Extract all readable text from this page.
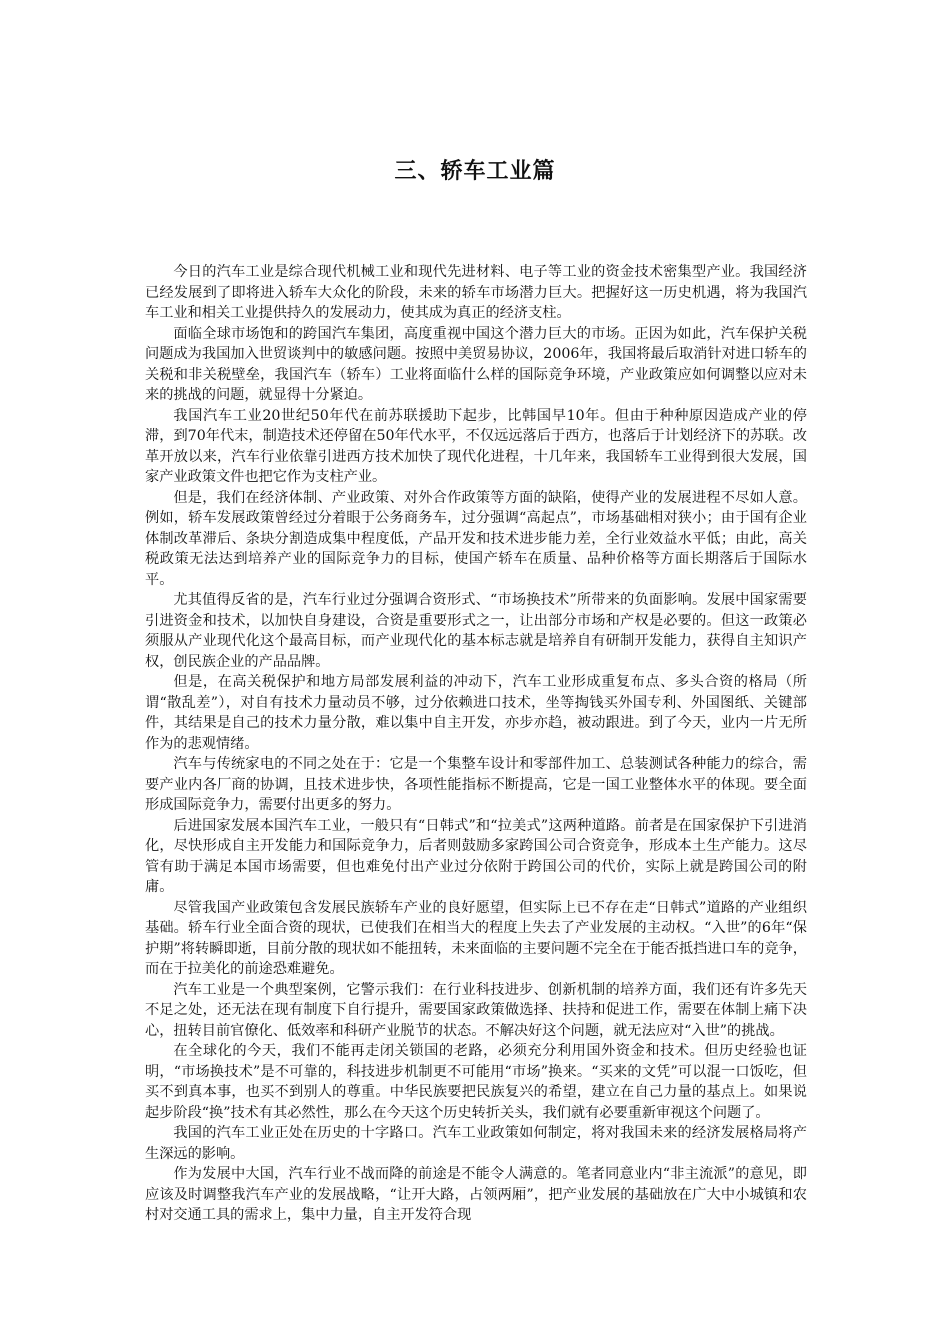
三、轿车工业篇

今日的汽车工业是综合现代机械工业和现代先进材料、电子等工业的资金技术密集型产业。我国经济已经发展到了即将进入轿车大众化的阶段，未来的轿车市场潜力巨大。把握好这一历史机遇，将为我国汽车工业和相关工业提供持久的发展动力，使其成为真正的经济支柱。

面临全球市场饱和的跨国汽车集团，高度重视中国这个潜力巨大的市场。正因为如此，汽车保护关税问题成为我国加入世贸谈判中的敏感问题。按照中美贸易协议，2006年，我国将最后取消针对进口轿车的关税和非关税壁垒，我国汽车（轿车）工业将面临什么样的国际竞争环境，产业政策应如何调整以应对未来的挑战的问题，就显得十分紧迫。

我国汽车工业20世纪50年代在前苏联援助下起步，比韩国早10年。但由于种种原因造成产业的停滞，到70年代末，制造技术还停留在50年代水平，不仅远远落后于西方，也落后于计划经济下的苏联。改革开放以来，汽车行业依靠引进西方技术加快了现代化进程，十几年来，我国轿车工业得到很大发展，国家产业政策文件也把它作为支柱产业。

但是，我们在经济体制、产业政策、对外合作政策等方面的缺陷，使得产业的发展进程不尽如人意。例如，轿车发展政策曾经过分着眼于公务商务车，过分强调“高起点”，市场基础相对狭小；由于国有企业体制改革滞后、条块分割造成集中程度低，产品开发和技术进步能力差，全行业效益水平低；由此，高关税政策无法达到培养产业的国际竞争力的目标，使国产轿车在质量、品种价格等方面长期落后于国际水平。

尤其值得反省的是，汽车行业过分强调合资形式、“市场换技术”所带来的负面影响。发展中国家需要引进资金和技术，以加快自身建设，合资是重要形式之一，让出部分市场和产权是必要的。但这一政策必须服从产业现代化这个最高目标，而产业现代化的基本标志就是培养自有研制开发能力，获得自主知识产权，创民族企业的产品品牌。

但是，在高关税保护和地方局部发展利益的冲动下，汽车工业形成重复布点、多头合资的格局（所谓“散乱差”），对自有技术力量动员不够，过分依赖进口技术，坐等掏钱买外国专利、外国图纸、关键部件，其结果是自己的技术力量分散，难以集中自主开发，亦步亦趋，被动跟进。到了今天，业内一片无所作为的悲观情绪。

汽车与传统家电的不同之处在于：它是一个集整车设计和零部件加工、总装测试各种能力的综合，需要产业内各厂商的协调，且技术进步快，各项性能指标不断提高，它是一国工业整体水平的体现。要全面形成国际竞争力，需要付出更多的努力。

后进国家发展本国汽车工业，一般只有“日韩式”和“拉美式”这两种道路。前者是在国家保护下引进消化，尽快形成自主开发能力和国际竞争力，后者则鼓励多家跨国公司合资竞争，形成本土生产能力。这尽管有助于满足本国市场需要，但也难免付出产业过分依附于跨国公司的代价，实际上就是跨国公司的附庸。

尽管我国产业政策包含发展民族轿车产业的良好愿望，但实际上已不存在走“日韩式”道路的产业组织基础。轿车行业全面合资的现状，已使我们在相当大的程度上失去了产业发展的主动权。“入世”的6年“保护期”将转瞬即逝，目前分散的现状如不能扭转，未来面临的主要问题不完全在于能否抵挡进口车的竞争，而在于拉美化的前途恐难避免。

汽车工业是一个典型案例，它警示我们：在行业科技进步、创新机制的培养方面，我们还有许多先天不足之处，还无法在现有制度下自行提升，需要国家政策做选择、扶持和促进工作，需要在体制上痛下决心，扭转目前官僚化、低效率和科研产业脱节的状态。不解决好这个问题，就无法应对“入世”的挑战。

在全球化的今天，我们不能再走闭关锁国的老路，必须充分利用国外资金和技术。但历史经验也证明，“市场换技术”是不可靠的，科技进步机制更不可能用“市场”换来。“买来的文凭”可以混一口饭吃，但买不到真本事，也买不到别人的尊重。中华民族要把民族复兴的希望，建立在自己力量的基点上。如果说起步阶段“换”技术有其必然性，那么在今天这个历史转折关头，我们就有必要重新审视这个问题了。

我国的汽车工业正处在历史的十字路口。汽车工业政策如何制定，将对我国未来的经济发展格局将产生深远的影响。

作为发展中大国，汽车行业不战而降的前途是不能令人满意的。笔者同意业内“非主流派”的意见，即应该及时调整我汽车产业的发展战略，“让开大路，占领两厢”，把产业发展的基础放在广大中小城镇和农村对交通工具的需求上，集中力量，自主开发符合现
